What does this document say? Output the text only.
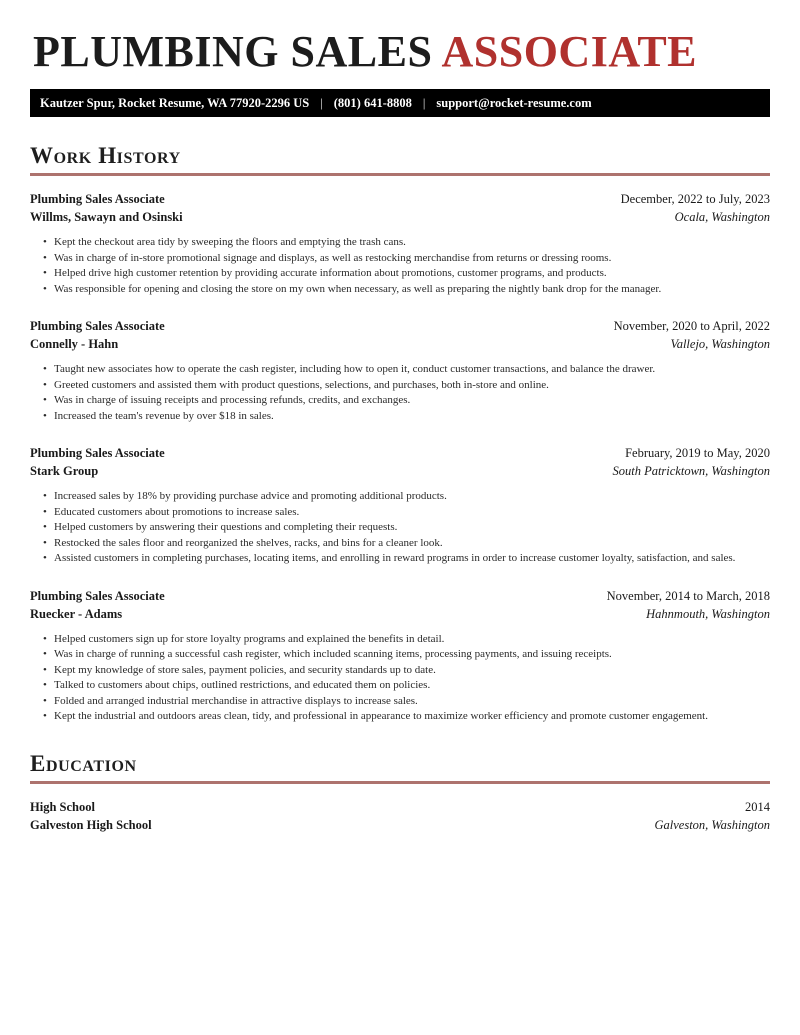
PLUMBING SALES ASSOCIATE
Kautzer Spur, Rocket Resume, WA 77920-2296 US | (801) 641-8808 | support@rocket-resume.com
Work History
Plumbing Sales Associate	December, 2022 to July, 2023
Willms, Sawayn and Osinski	Ocala, Washington
• Kept the checkout area tidy by sweeping the floors and emptying the trash cans.
• Was in charge of in-store promotional signage and displays, as well as restocking merchandise from returns or dressing rooms.
• Helped drive high customer retention by providing accurate information about promotions, customer programs, and products.
• Was responsible for opening and closing the store on my own when necessary, as well as preparing the nightly bank drop for the manager.
Plumbing Sales Associate	November, 2020 to April, 2022
Connelly - Hahn	Vallejo, Washington
• Taught new associates how to operate the cash register, including how to open it, conduct customer transactions, and balance the drawer.
• Greeted customers and assisted them with product questions, selections, and purchases, both in-store and online.
• Was in charge of issuing receipts and processing refunds, credits, and exchanges.
• Increased the team's revenue by over $18 in sales.
Plumbing Sales Associate	February, 2019 to May, 2020
Stark Group	South Patricktown, Washington
• Increased sales by 18% by providing purchase advice and promoting additional products.
• Educated customers about promotions to increase sales.
• Helped customers by answering their questions and completing their requests.
• Restocked the sales floor and reorganized the shelves, racks, and bins for a cleaner look.
• Assisted customers in completing purchases, locating items, and enrolling in reward programs in order to increase customer loyalty, satisfaction, and sales.
Plumbing Sales Associate	November, 2014 to March, 2018
Ruecker - Adams	Hahnmouth, Washington
• Helped customers sign up for store loyalty programs and explained the benefits in detail.
• Was in charge of running a successful cash register, which included scanning items, processing payments, and issuing receipts.
• Kept my knowledge of store sales, payment policies, and security standards up to date.
• Talked to customers about chips, outlined restrictions, and educated them on policies.
• Folded and arranged industrial merchandise in attractive displays to increase sales.
• Kept the industrial and outdoors areas clean, tidy, and professional in appearance to maximize worker efficiency and promote customer engagement.
Education
High School	2014
Galveston High School	Galveston, Washington
